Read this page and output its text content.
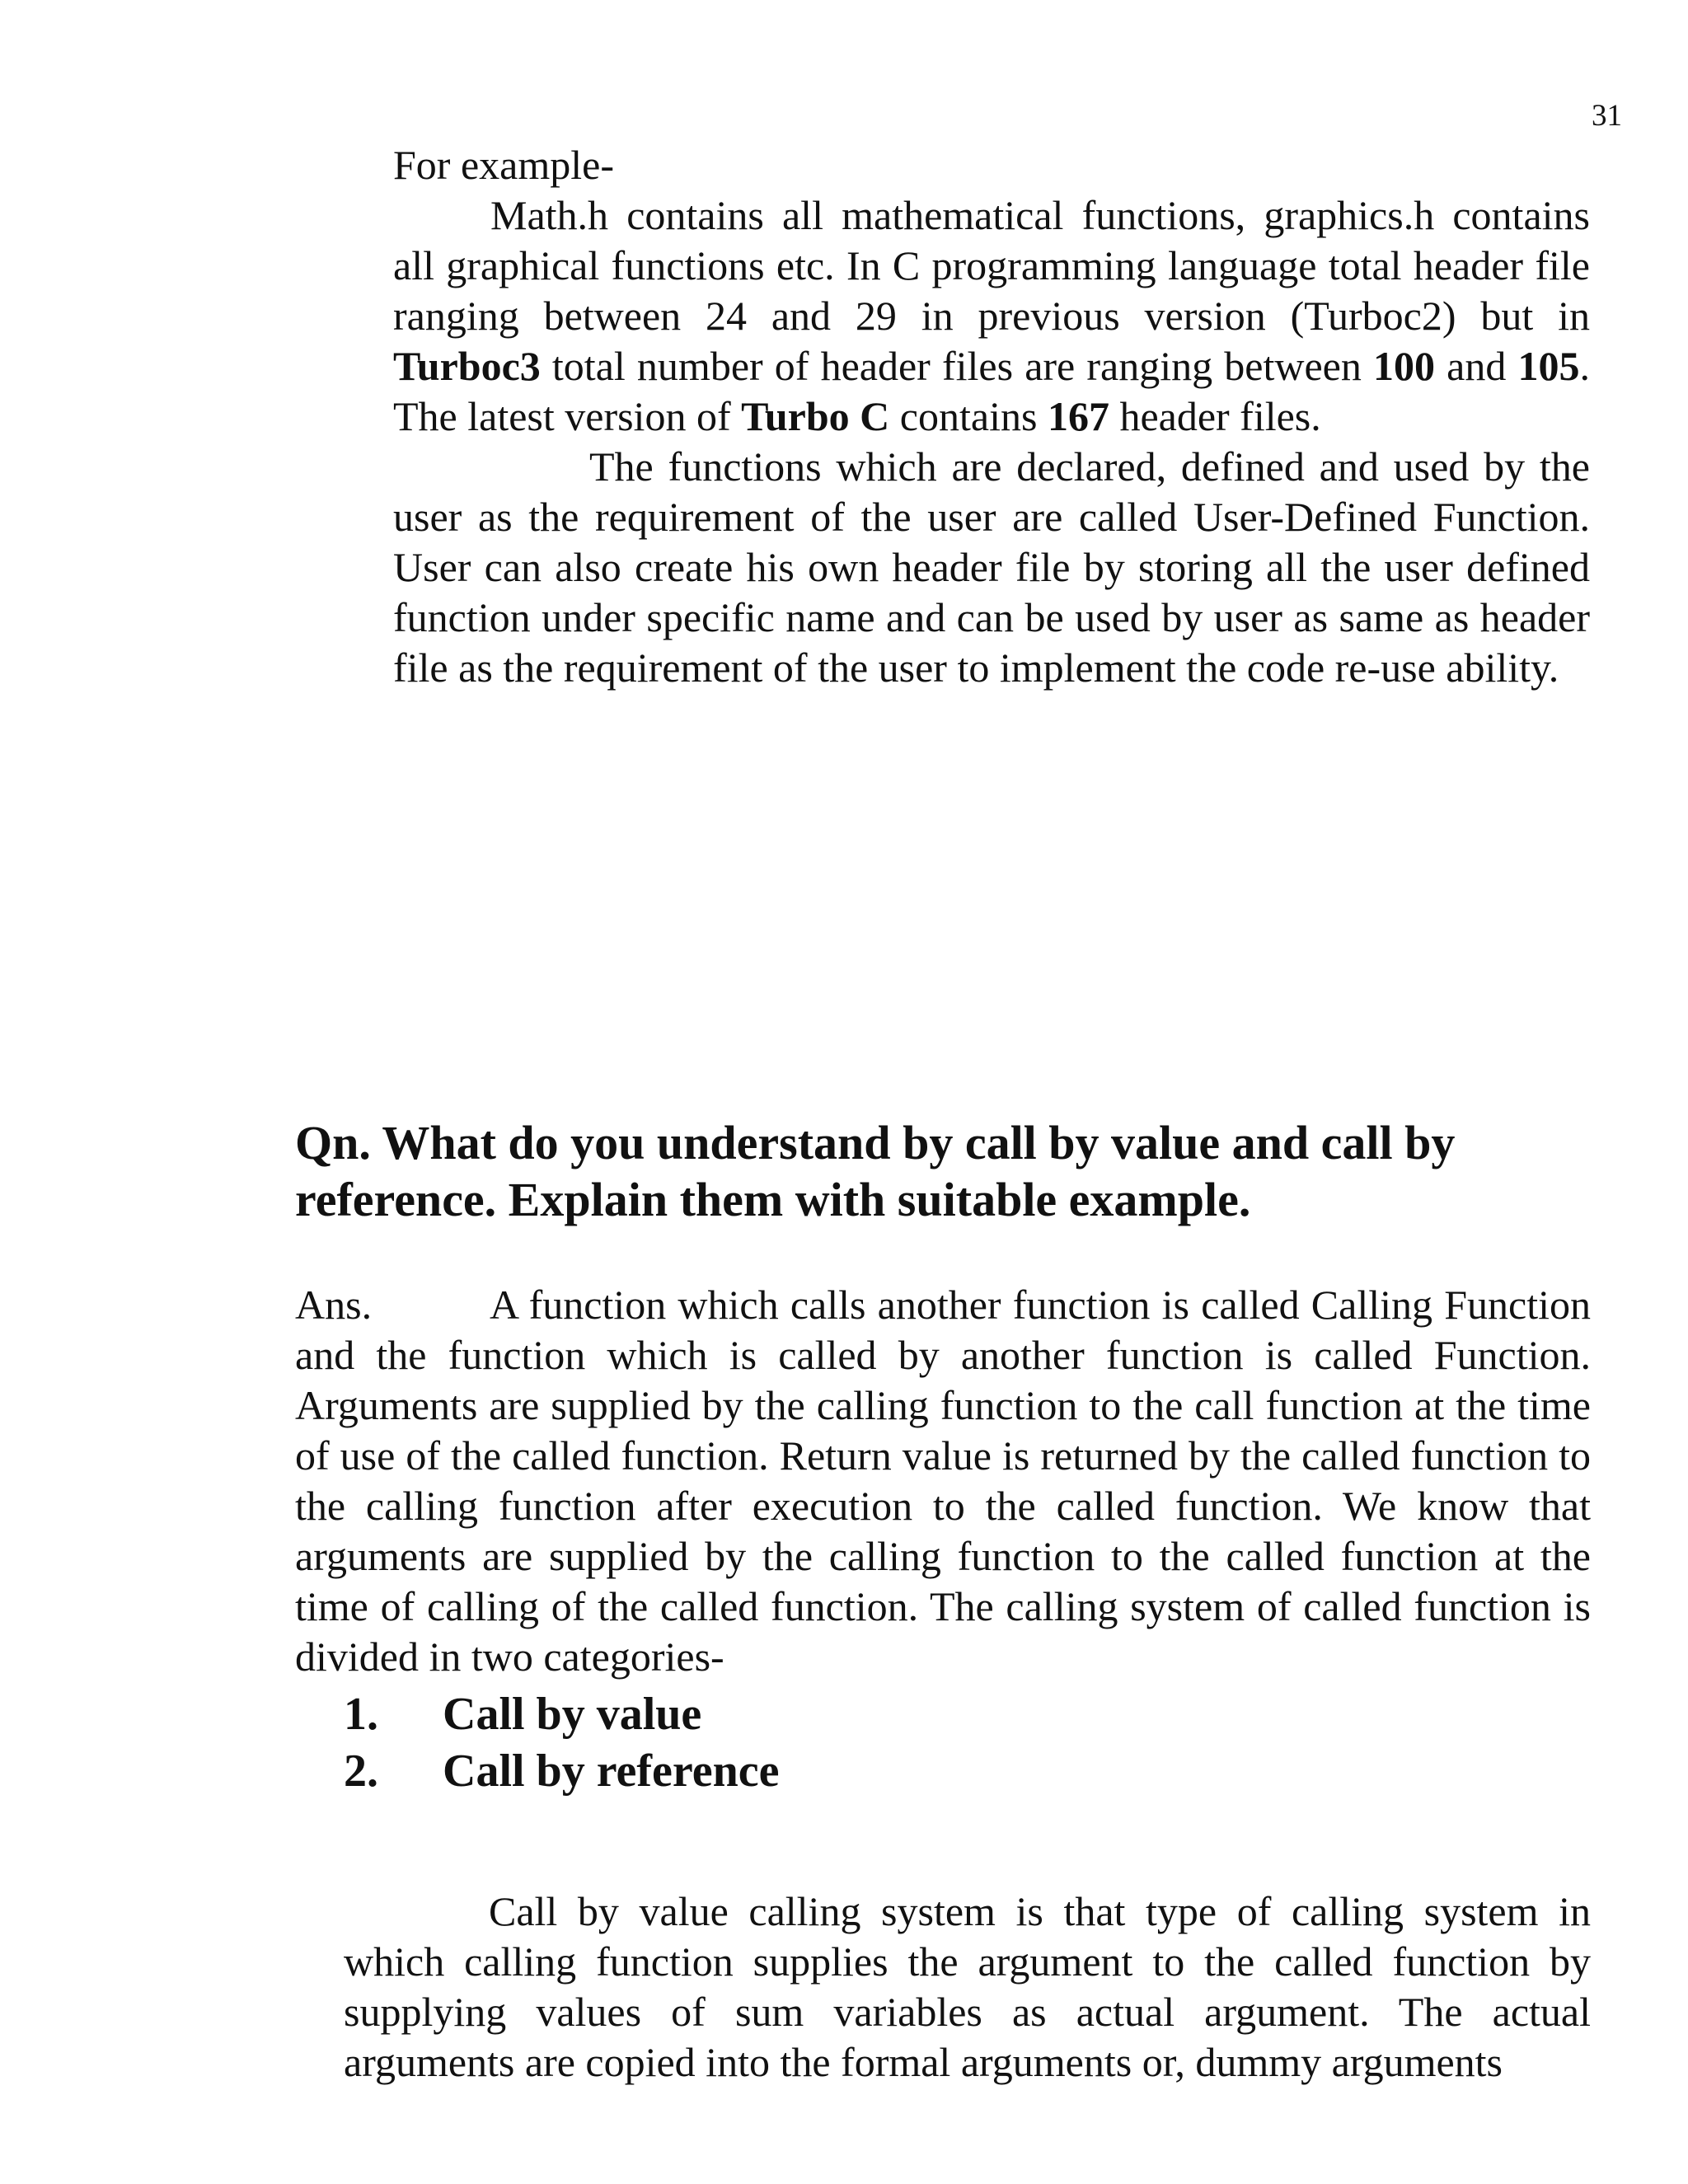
31

For example-

Math.h contains all mathematical functions, graphics.h contains all graphical functions etc. In C programming language total header file ranging between 24 and 29 in previous version (Turboc2) but in Turboc3 total number of header files are ranging between 100 and 105. The latest version of Turbo C contains 167 header files.

The functions which are declared, defined and used by the user as the requirement of the user are called User-Defined Function. User can also create his own header file by storing all the user defined function under specific name and can be used by user as same as header file as the requirement of the user to implement the code re-use ability.

Qn. What do you understand by call by value and call by reference. Explain them with suitable example.

Ans.	A function which calls another function is called Calling Function and the function which is called by another function is called Function. Arguments are supplied by the calling function to the call function at the time of use of the called function. Return value is returned by the called function to the calling function after execution to the called function. We know that arguments are supplied by the calling function to the called function at the time of calling of the called function. The calling system of called function is divided in two categories-

1.	Call by value
2.	Call by reference

Call by value calling system is that type of calling system in which calling function supplies the argument to the called function by supplying values of sum variables as actual argument. The actual arguments are copied into the formal arguments or, dummy arguments
